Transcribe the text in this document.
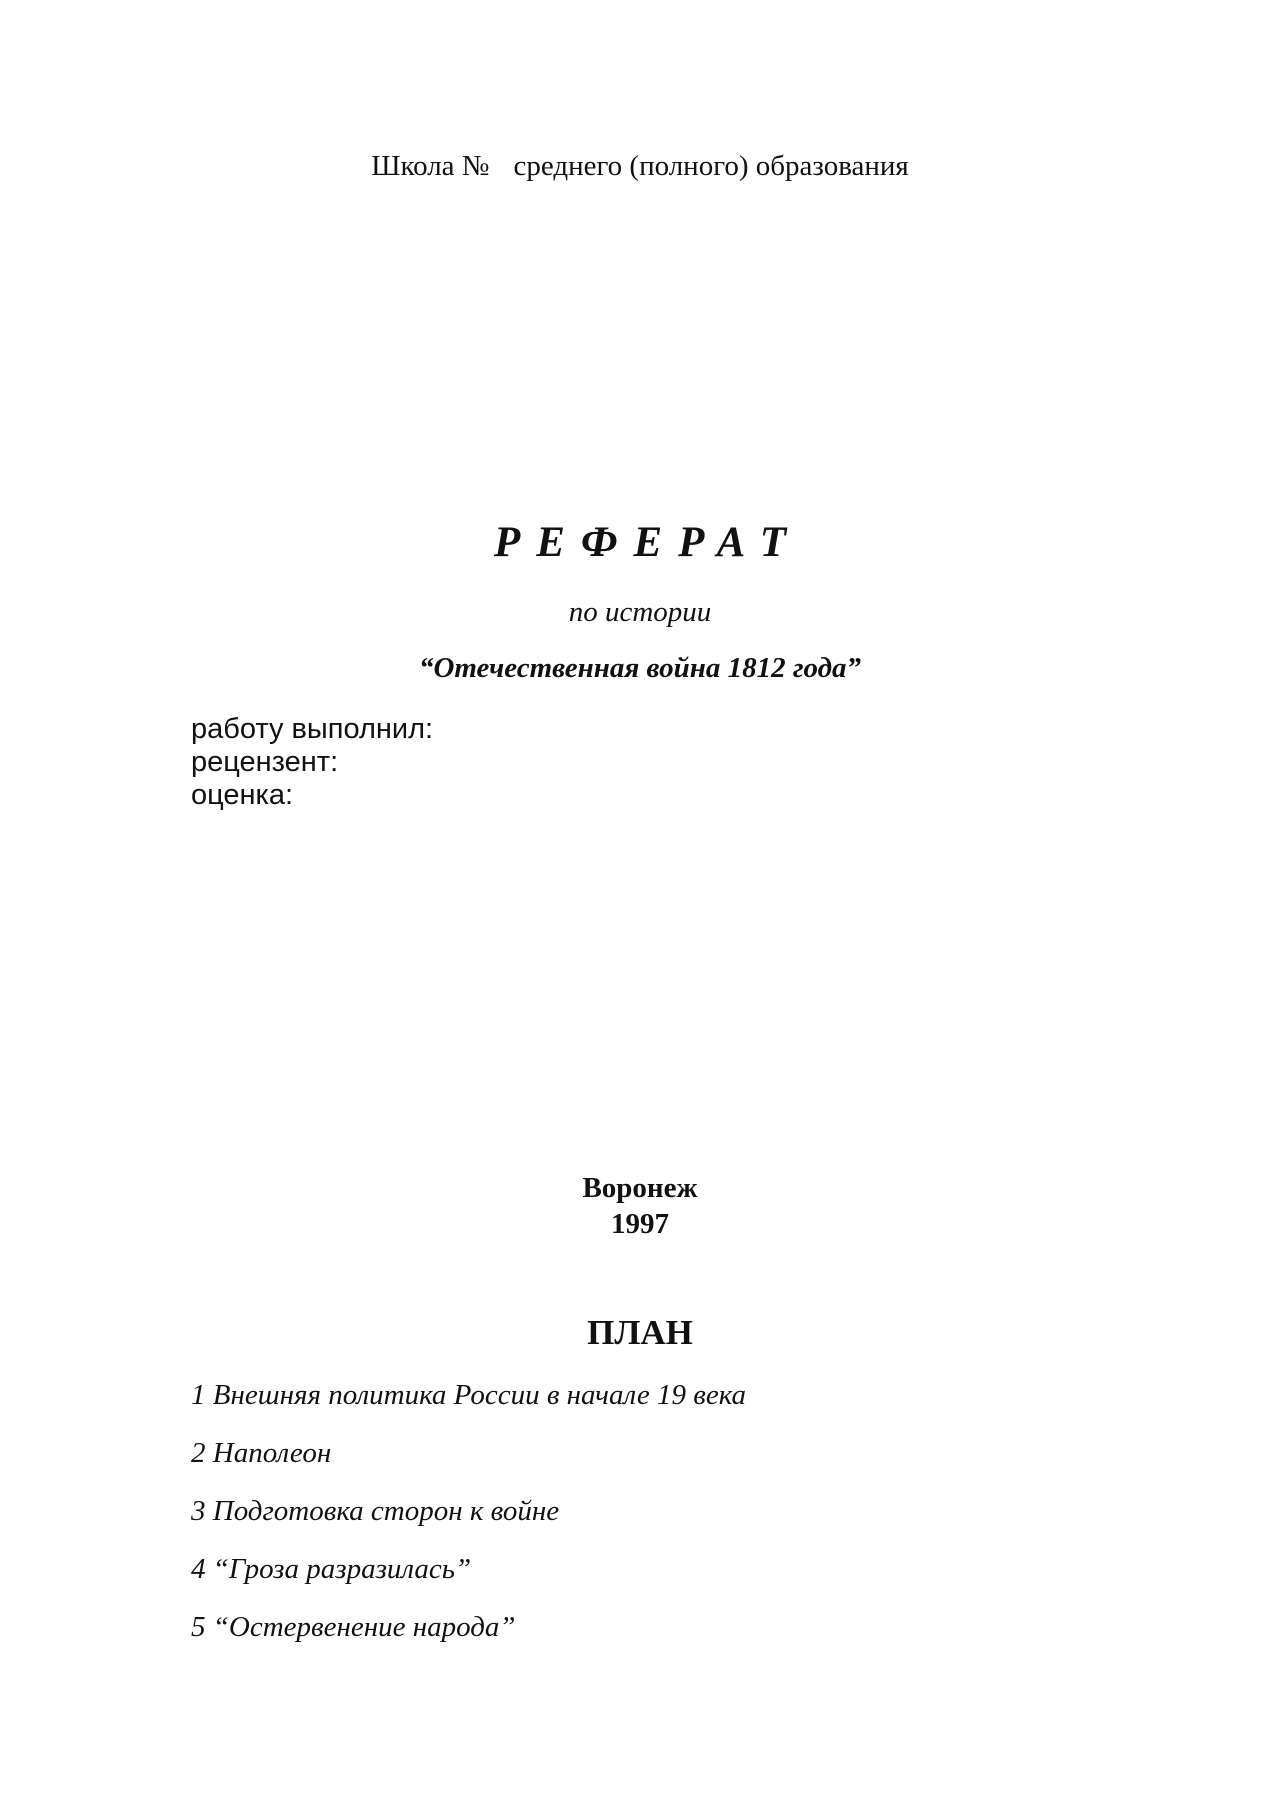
Школа № среднего (полного) образования
РЕФЕРАТ
по истории
“Отечественная война 1812 года”
работу выполнил:
рецензент:
оценка:
Воронеж
1997
ПЛАН
1 Внешняя политика России в начале 19 века
2 Наполеон
3 Подготовка сторон к войне
4 “Гроза разразилась”
5 “Остервенение народа”
